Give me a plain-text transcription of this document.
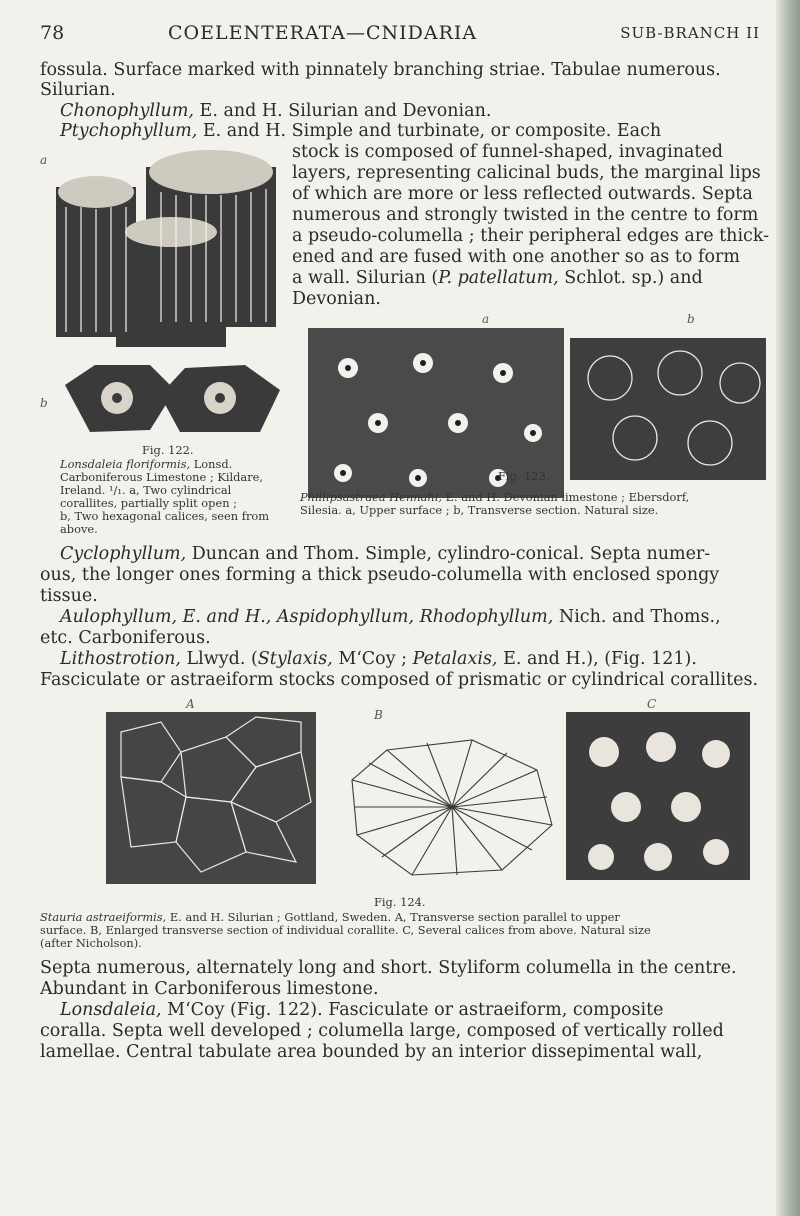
78	COELENTERATA—CNIDARIA	SUB-BRANCH II
fossula. Surface marked with pinnately branching striae. Tabulae numerous.
Silurian.
Chonophyllum, E. and H. Silurian and Devonian.
Ptychophyllum, E. and H. Simple and turbinate, or composite. Each
stock is composed of funnel-shaped, invaginated
layers, representing calicinal buds, the marginal lips
of which are more or less reflected outwards. Septa
numerous and strongly twisted in the centre to form
a pseudo-columella ; their peripheral edges are thick-
ened and are fused with one another so as to form
a wall. Silurian (P. patellatum, Schlot. sp.) and
Devonian.
a
b
Fig. 122.
Lonsdaleia floriformis, Lonsd.
Carboniferous Limestone ; Kildare,
Ireland. ¹/₁. a, Two cylindrical
corallites, partially split open ;
b, Two hexagonal calices, seen from
above.
a	b
Fig. 123.
Phillipsastraea Hennahi, E. and H. Devonian limestone ; Ebersdorf,
Silesia. a, Upper surface ; b, Transverse section. Natural size.
Cyclophyllum, Duncan and Thom. Simple, cylindro-conical. Septa numer-
ous, the longer ones forming a thick pseudo-columella with enclosed spongy
tissue.
Aulophyllum, E. and H., Aspidophyllum, Rhodophyllum, Nich. and Thoms.,
etc. Carboniferous.
Lithostrotion, Llwyd. (Stylaxis, M‘Coy ; Petalaxis, E. and H.), (Fig. 121).
Fasciculate or astraeiform stocks composed of prismatic or cylindrical corallites.
A
B
C
Fig. 124.
Stauria astraeiformis, E. and H. Silurian ; Gottland, Sweden. A, Transverse section parallel to upper
surface. B, Enlarged transverse section of individual corallite. C, Several calices from above. Natural size
(after Nicholson).
Septa numerous, alternately long and short. Styliform columella in the centre.
Abundant in Carboniferous limestone.
Lonsdaleia, M‘Coy (Fig. 122). Fasciculate or astraeiform, composite
coralla. Septa well developed ; columella large, composed of vertically rolled
lamellae. Central tabulate area bounded by an interior dissepimental wall,
